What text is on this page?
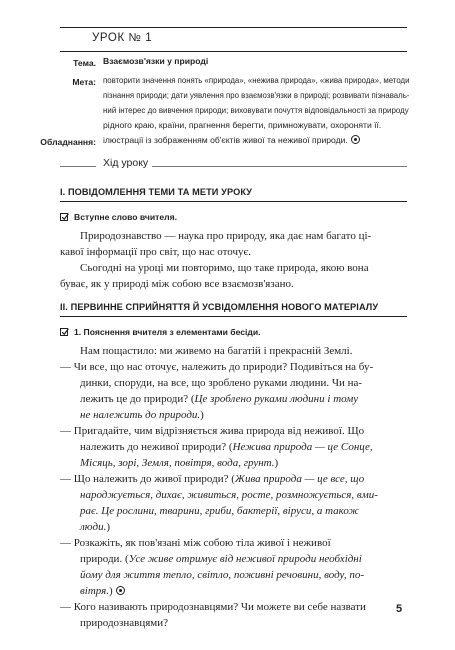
УРОК № 1
Тема. Взаємозв'язки у природі
Мета: повторити значення понять «природа», «нежива природа», «жива природа», методи
пізнання природи; дати уявлення про взаємозв'язки в природі; розвивати пізнаваль-
ний інтерес до вивчення природи; виховувати почуття відповідальності за природу
рідного краю, країни, прагнення берегти, примножувати, охороняти її.
Обладнання: ілюстрації із зображенням об'єктів живої та неживої природи.
Хід уроку
I. ПОВІДОМЛЕННЯ ТЕМИ ТА МЕТИ УРОКУ
Вступне слово вчителя.
Природознавство — наука про природу, яка дає нам багато ці-
кавої інформації про світ, що нас оточує.
Сьогодні на уроці ми повторимо, що таке природа, якою вона
буває, як у природі між собою все взаємозв'язано.
II. ПЕРВИННЕ СПРИЙНЯТТЯ Й УСВІДОМЛЕННЯ НОВОГО МАТЕРІАЛУ
1. Пояснення вчителя з елементами бесіди.
Нам пощастило: ми живемо на багатій і прекрасній Землі.
— Чи все, що нас оточує, належить до природи? Подивіться на бу-
динки, споруди, на все, що зроблено руками людини. Чи на-
лежить це до природи? (Це зроблено руками людини і тому
не належить до природи.)
— Пригадайте, чим відрізняється жива природа від неживої. Що
належить до неживої природи? (Нежива природа — це Сонце,
Місяць, зорі, Земля, повітря, вода, грунт.)
— Що належить до живої природи? (Жива природа — це все, що
народжується, дихає, живиться, росте, розмножується, вми-
рає. Це рослини, тварини, гриби, бактерії, віруси, а також
люди.)
— Розкажіть, як пов'язані між собою тіла живої і неживої
природи. (Усе живе отримує від неживої природи необхідні
йому для життя тепло, світло, поживні речовини, воду, по-
вітря.)
— Кого називають природознавцями? Чи можете ви себе назвати
природознавцями?
5
